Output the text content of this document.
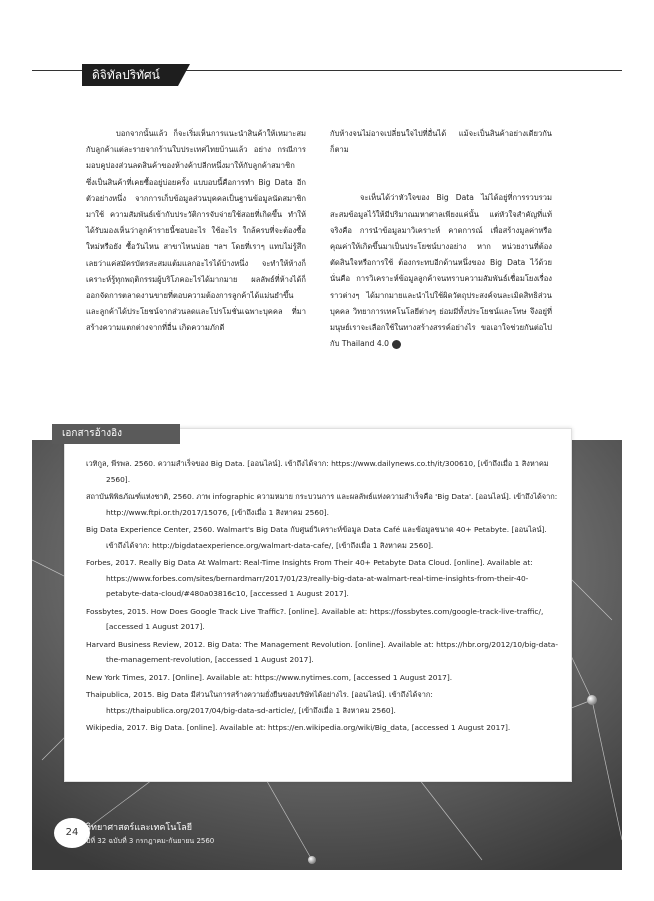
ดิจิทัลปริทัศน์

บอกจากนั้นแล้ว ก็จะเริ่มเห็นการแนะนำสินค้าให้เหมาะสมกับลูกค้าแต่ละรายจากร้านใบประเทศไทยบ้านแล้ว อย่าง กรณีการมอบคูปองส่วนลดสินค้าของห้างค้าปลีกหนึ่งมาให้กับลูกค้าสมาชิก ซึ่งเป็นสินค้าที่เคยซื้ออยู่บ่อยครั้ง แบบอบนี้คือการทำ Big Data อีกตัวอย่างหนึ่ง จากการเก็บข้อมูลส่วนบุคคลเป็นฐานข้อมูลนัดสมาชิกมาใช้ ความสัมพันธ์เข้ากับประวัติการจับจ่ายใช้สอยที่เกิดขึ้น ทำให้ได้รับมองเห็นว่าลูกค้ารายนี้ชอบอะไร ใช้อะไร ใกล้ครบที่จะต้องซื้อใหม่หรือยัง ซื้อวันไหน สาขาไหนบ่อย ฯลฯ โดยที่เราๆ แทบไม่รู้สึกเลยว่าแค่สมัครบัตรสะสมแต้มแลกอะไรได้บ้างหนึ่ง จะทำให้ห้างก็เคราะห์รู้ทุกพฤติกรรมผู้บริโภคอะไรได้มากมาย ผลลัพธ์ที่ห้างได้ก็ออกจัดการตลาดงานขายที่ตอบความต้องการลูกค้าได้แม่นยำขึ้น และลูกค้าได้ประโยชน์จากส่วนลดและโปรโมชั่นเฉพาะบุคคล ที่มาสร้างความแตกต่างจากที่อื่น เกิดความภักดี

กับห้างจนไม่อาจเปลี่ยนใจไปที่อื่นได้ แม้จะเป็นสินค้าอย่างเดียวกันก็ตาม

จะเห็นได้ว่าหัวใจของ Big Data ไม่ได้อยู่ที่การรวบรวมสะสมข้อมูลไว้ให้มีปริมาณมหาศาลเพียงแค่นั้น แต่หัวใจสำคัญที่แท้จริงคือ การนำข้อมูลมาวิเคราะห์ คาดการณ์ เพื่อสร้างมูลค่าหรือคุณค่าให้เกิดขึ้นมาเป็นประโยชน์บางอย่าง หาก หน่วยงานที่ต้องตัดสินใจหรือการใช้ ต้องกระทบอีกด้านหนึ่งของ Big Data ไว้ด้วยนั่นคือ การวิเคราะห์ข้อมูลลูกค้าจนทราบความสัมพันธ์เชื่อมโยงเรื่องราวต่างๆ ได้มากมายและนำไปใช้ผิดวัตถุประสงค์จนละเมิดสิทธิส่วนบุคคล วิทยาการเทคโนโลยีต่างๆ ย่อมมีทั้งประโยชน์และโทษ จึงอยู่ที่มนุษย์เราจะเลือกใช้ในทางสร้างสรรค์อย่างไร ขอเอาใจช่วยกันต่อไปกับ Thailand 4.0

เอกสารอ้างอิง

เวทิกูล, พีรพล. 2560. ความสำเร็จของ Big Data. [ออนไลน์]. เข้าถึงได้จาก: https://www.dailynews.co.th/it/300610, [เข้าถึงเมื่อ 1 สิงหาคม 2560].

สถาบันพิพิธภัณฑ์แห่งชาติ, 2560. ภาพ infographic ความหมาย กระบวนการ และผลลัพธ์แห่งความสำเร็จคือ 'Big Data'. [ออนไลน์]. เข้าถึงได้จาก: http://www.ftpi.or.th/2017/15076, [เข้าถึงเมื่อ 1 สิงหาคม 2560].

Big Data Experience Center, 2560. Walmart's Big Data กับศูนย์วิเคราะห์ข้อมูล Data Café และข้อมูลขนาด 40+ Petabyte. [ออนไลน์]. เข้าถึงได้จาก: http://bigdataexperience.org/walmart-data-cafe/, [เข้าถึงเมื่อ 1 สิงหาคม 2560].

Forbes, 2017. Really Big Data At Walmart: Real-Time Insights From Their 40+ Petabyte Data Cloud. [online]. Available at: https://www.forbes.com/sites/bernardmarr/2017/01/23/really-big-data-at-walmart-real-time-insights-from-their-40-petabyte-data-cloud/#480a03816c10, [accessed 1 August 2017].

Fossbytes, 2015. How Does Google Track Live Traffic?. [online]. Available at: https://fossbytes.com/google-track-live-traffic/, [accessed 1 August 2017].

Harvard Business Review, 2012. Big Data: The Management Revolution. [online]. Available at: https://hbr.org/2012/10/big-data-the-management-revolution, [accessed 1 August 2017].

New York Times, 2017. [Online]. Available at: https://www.nytimes.com, [accessed 1 August 2017].

Thaipublica, 2015. Big Data มีส่วนในการสร้างความยั่งยืนของบริษัทได้อย่างไร. [ออนไลน์]. เข้าถึงได้จาก: https://thaipublica.org/2017/04/big-data-sd-article/, [เข้าถึงเมื่อ 1 สิงหาคม 2560].

Wikipedia, 2017. Big Data. [online]. Available at: https://en.wikipedia.org/wiki/Big_data, [accessed 1 August 2017].

24 วิทยาศาสตร์และเทคโนโลยี
ปีที่ 32 ฉบับที่ 3 กรกฎาคม-กันยายน 2560
